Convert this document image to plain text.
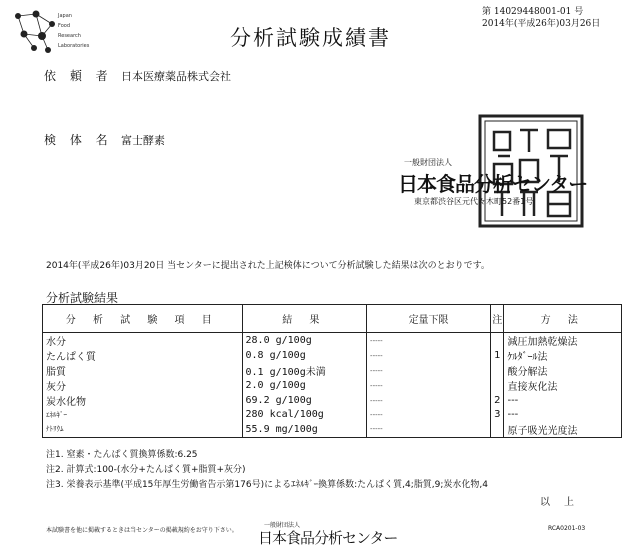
Japan
Food
Research
Laboratories	分析試験成績書
第 14029448001-01 号
2014年(平成26年)03月26日
依 頼 者 日本医療薬品株式会社
検 体 名 富士酵素
一般財団法人
日本食品分析センター
東京都渋谷区元代々木町52番1号
2014年(平成26年)03月20日 当センターに提出された上記検体について分析試験した結果は次のとおりです。
分析試験結果
分 析 試 験 項 目	結 果	定量下限	注	方 法
水分	28.0 g/100g	-----		減圧加熱乾燥法
たんぱく質	0.8 g/100g	-----	1	ｹﾙﾀﾞｰﾙ法
脂質	0.1 g/100g未満	-----		酸分解法
灰分	2.0 g/100g	-----		直接灰化法
炭水化物	69.2 g/100g	-----	2	---
ｴﾈﾙｷﾞｰ	280 kcal/100g	-----	3	---
ﾅﾄﾘｳﾑ	55.9 mg/100g	-----		原子吸光光度法
注1. 窒素・たんぱく質換算係数:6.25
注2. 計算式:100-(水分+たんぱく質+脂質+灰分)
注3. 栄養表示基準(平成15年厚生労働省告示第176号)によるｴﾈﾙｷﾞｰ換算係数:たんぱく質,4;脂質,9;炭水化物,4
以上
本試験書を他に掲載するときは当センターの掲載規約をお守り下さい。
一般財団法人
日本食品分析センター
RCA0201-03
